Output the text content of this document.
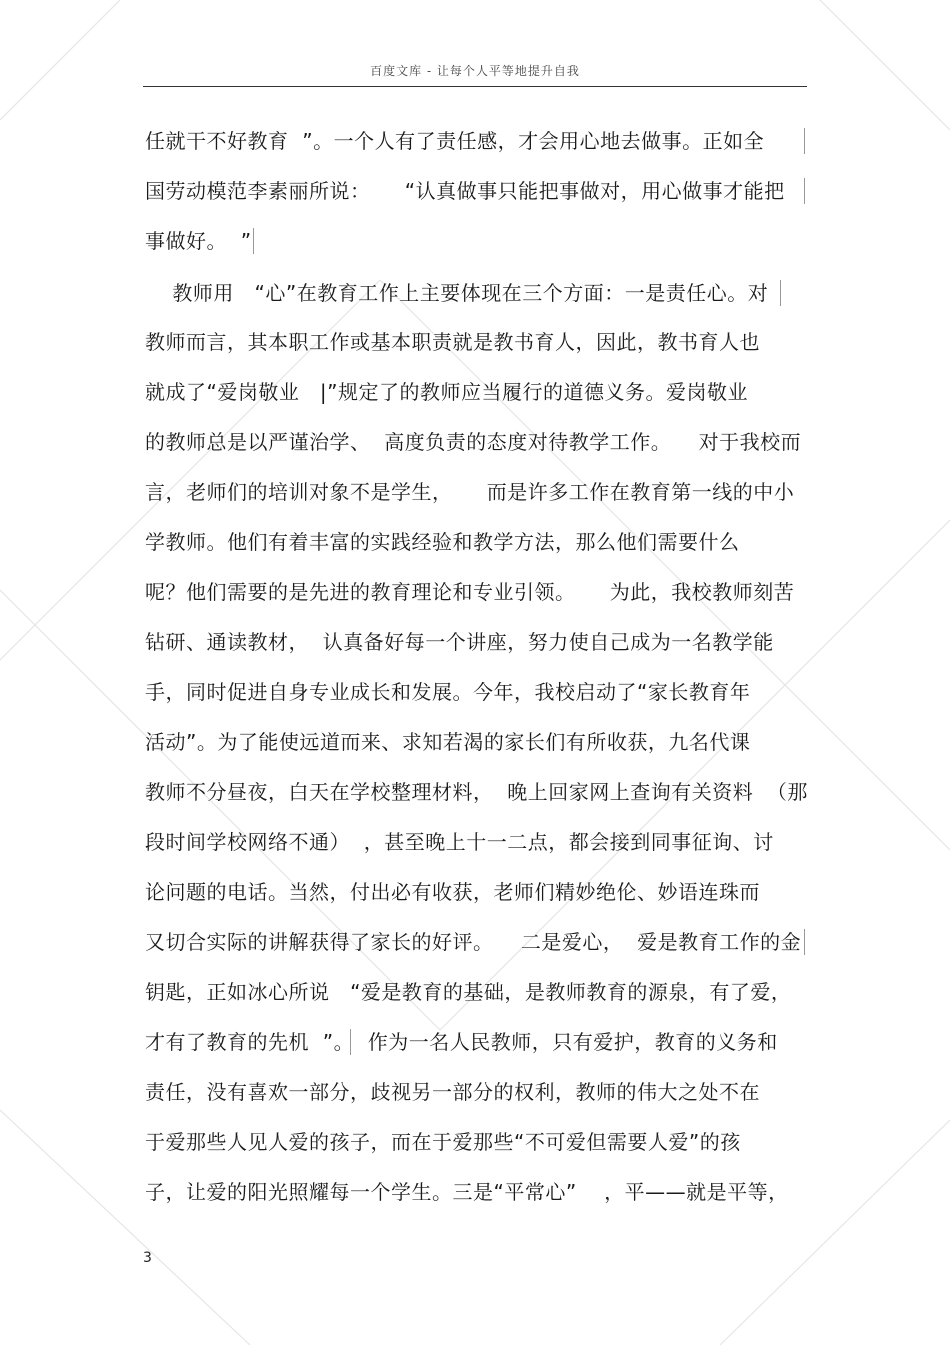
百度文库 - 让每个人平等地提升自我
任就干不好教育  ”。一个人有了责任感，才会用心地去做事。正如全
国劳动模范李素丽所说：     “认真做事只能把事做对，用心做事才能把
事做好。  ”
教师用   “心”在教育工作上主要体现在三个方面：一是责任心。对
教师而言，其本职工作或基本职责就是教书育人，因此，教书育人也
就成了“爱岗敬业   |”规定了的教师应当履行的道德义务。爱岗敬业
的教师总是以严谨治学、  高度负责的态度对待教学工作。    对于我校而
言，老师们的培训对象不是学生，     而是许多工作在教育第一线的中小
学教师。他们有着丰富的实践经验和教学方法，那么他们需要什么
呢？他们需要的是先进的教育理论和专业引领。     为此，我校教师刻苦
钻研、通读教材，  认真备好每一个讲座，努力使自己成为一名教学能
手，同时促进自身专业成长和发展。今年，我校启动了“家长教育年
活动”。为了能使远道而来、求知若渴的家长们有所收获，九名代课
教师不分昼夜，白天在学校整理材料，  晚上回家网上查询有关资料  （那
段时间学校网络不通）  ，甚至晚上十一二点，都会接到同事征询、讨
论问题的电话。当然，付出必有收获，老师们精妙绝伦、妙语连珠而
又切合实际的讲解获得了家长的好评。    二是爱心，  爱是教育工作的金
钥匙，正如冰心所说   “爱是教育的基础，是教师教育的源泉，有了爱，
才有了教育的先机  ”。  作为一名人民教师，只有爱护，教育的义务和
责任，没有喜欢一部分，歧视另一部分的权利，教师的伟大之处不在
于爱那些人见人爱的孩子，而在于爱那些“不可爱但需要人爱”的孩
子，让爱的阳光照耀每一个学生。三是“平常心”    ，平——就是平等，
3
